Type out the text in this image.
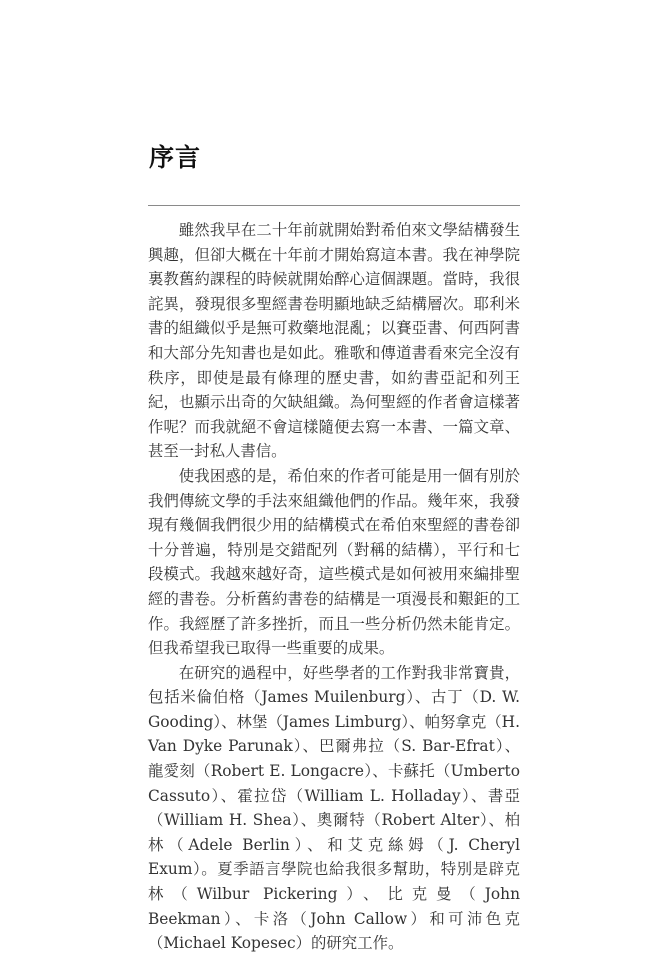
序言

雖然我早在二十年前就開始對希伯來文學結構發生興趣，但卻大概在十年前才開始寫這本書。我在神學院裏教舊約課程的時候就開始醉心這個課題。當時，我很詫異，發現很多聖經書卷明顯地缺乏結構層次。耶利米書的組織似乎是無可救藥地混亂；以賽亞書、何西阿書和大部分先知書也是如此。雅歌和傳道書看來完全沒有秩序，即使是最有條理的歷史書，如約書亞記和列王紀，也顯示出奇的欠缺組織。為何聖經的作者會這樣著作呢？而我就絕不會這樣隨便去寫一本書、一篇文章、甚至一封私人書信。

使我困惑的是，希伯來的作者可能是用一個有別於我們傳統文學的手法來組織他們的作品。幾年來，我發現有幾個我們很少用的結構模式在希伯來聖經的書卷卻十分普遍，特別是交錯配列（對稱的結構），平行和七段模式。我越來越好奇，這些模式是如何被用來編排聖經的書卷。分析舊約書卷的結構是一項漫長和艱鉅的工作。我經歷了許多挫折，而且一些分析仍然未能肯定。但我希望我已取得一些重要的成果。

在研究的過程中，好些學者的工作對我非常寶貴，包括米倫伯格（James Muilenburg）、古丁（D. W. Gooding）、林堡（James Limburg）、帕努拿克（H. Van Dyke Parunak）、巴爾弗拉（S. Bar-Efrat）、龍愛刻（Robert E. Longacre）、卡蘇托（Umberto Cassuto）、霍拉岱（William L. Holladay）、書亞（William H. Shea）、奧爾特（Robert Alter）、柏林（Adele Berlin）、和艾克絲姆（J. Cheryl Exum）。夏季語言學院也給我很多幫助，特別是辟克林（Wilbur Pickering）、比克曼（John Beekman）、卡洛（John Callow）和可沛色克（Michael Kopesec）的研究工作。
